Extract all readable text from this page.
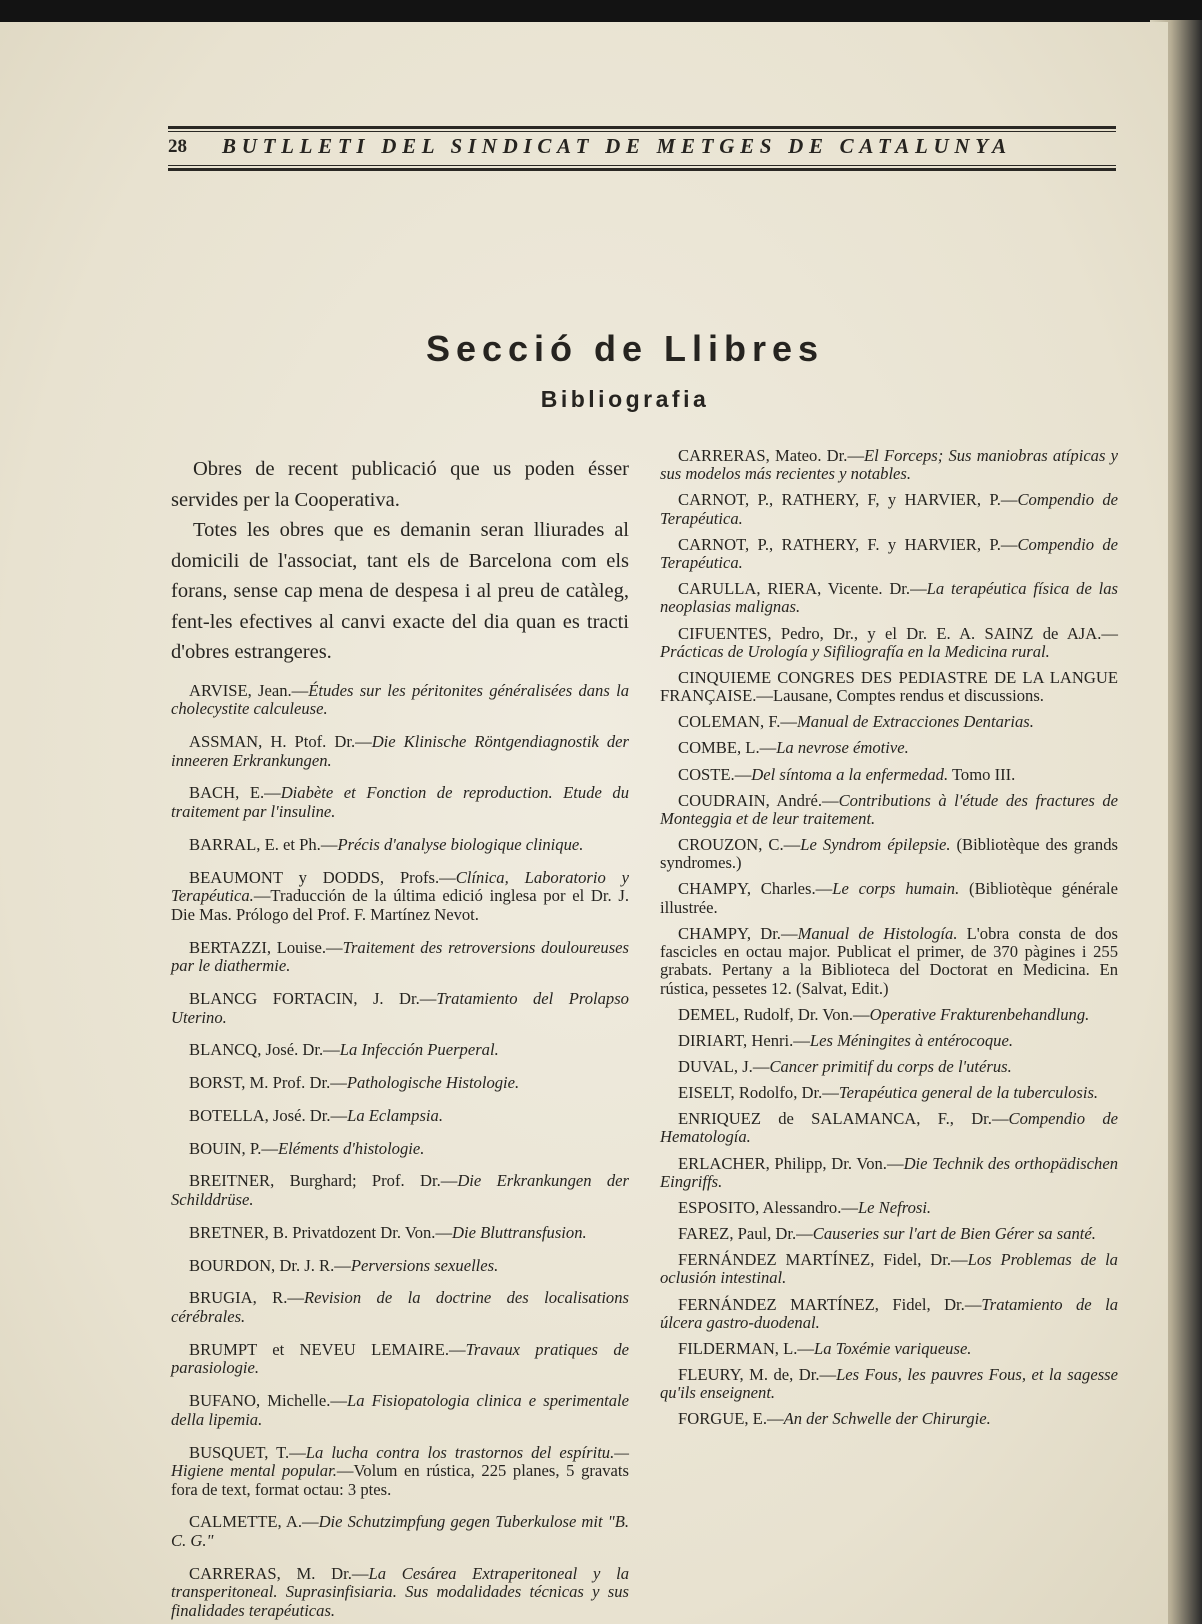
28 BUTLLETI DEL SINDICAT DE METGES DE CATALUNYA
Secció de Llibres
Bibliografia

Obres de recent publicació que us poden ésser servides per la Cooperativa.

Totes les obres que es demanin seran lliurades al domicili de l'associat, tant els de Barcelona com els forans, sense cap mena de despesa i al preu de catàleg, fent-les efectives al canvi exacte del dia quan es tracti d'obres estrangeres.

ARVISE, Jean. — Études sur les péritonites généralisées dans la cholecystite calculeuse.

ASSMAN, H. Ptof. Dr. — Die Klinische Röntgendiagnostik der inneeren Erkrankungen.

BACH, E. — Diabète et Fonction de reproduction. Etude du traitement par l'insuline.

BARRAL, E. et Ph. — Précis d'analyse biologique clinique.

BEAUMONT y DODDS, Profs. — Clínica, Laboratorio y Terapéutica.—Traducción de la última edició inglesa por el Dr. J. Die Mas. Prólogo del Prof. F. Martínez Nevot.

BERTAZZI, Louise. — Traitement des retroversions douloureuses par le diathermie.

BLANCG FORTACIN, J. Dr. — Tratamiento del Prolapso Uterino.

BLANCQ, José. Dr. — La Infección Puerperal.

BORST, M. Prof. Dr. — Pathologische Histologie.

BOTELLA, José. Dr. — La Eclampsia.

BOUIN, P. — Eléments d'histologie.

BREITNER, Burghard; Prof. Dr. — Die Erkrankungen der Schilddrüse.

BRETNER, B. Privatdozent Dr. Von. — Die Bluttransfusion.

BOURDON, Dr. J. R. — Perversions sexuelles.

BRUGIA, R. — Revision de la doctrine des localisations cérébrales.

BRUMPT et NEVEU LEMAIRE. — Travaux pratiques de parasiologie.

BUFANO, Michelle. — La Fisiopatologia clinica e sperimentale della lipemia.

BUSQUET, T. — La lucha contra los trastornos del espíritu.—Higiene mental popular.—Volum en rústica, 225 planes, 5 gravats fora de text, format octau: 3 ptes.

CALMETTE, A. — Die Schutzimpfung gegen Tuberkulose mit "B. C. G."

CARRERAS, M. Dr. — La Cesárea Extraperitoneal y la transperitoneal. Suprasinfisiaria. Sus modalidades técnicas y sus finalidades terapéuticas.

CARRERAS, Mateo. Dr. — El Forceps; Sus maniobras atípicas y sus modelos más recientes y notables.

CARNOT, P., RATHERY, F, y HARVIER, P. — Compendio de Terapéutica.

CARNOT, P., RATHERY, F. y HARVIER, P. — Compendio de Terapéutica.

CARULLA, RIERA, Vicente. Dr. — La terapéutica física de las neoplasias malignas.

CIFUENTES, Pedro, Dr., y el Dr. E. A. SAINZ de AJA.— Prácticas de Urología y Sifiliografía en la Medicina rural.

CINQUIEME CONGRES DES PEDIASTRE DE LA LANGUE FRANÇAISE.—Lausane, Comptes rendus et discussions.

COLEMAN, F. — Manual de Extracciones Dentarias.

COMBE, L. — La nevrose émotive.

COSTE. — Del síntoma a la enfermedad. Tomo III.

COUDRAIN, André. — Contributions à l'étude des fractures de Monteggia et de leur traitement.

CROUZON, C. — Le Syndrom épilepsie. (Bibliotèque des grands syndromes.)

CHAMPY, Charles. — Le corps humain. (Bibliotèque générale illustrée.

CHAMPY, Dr. — Manual de Histología. L'obra consta de dos fascicles en octau major. Publicat el primer, de 370 pàgines i 255 grabats. Pertany a la Biblioteca del Doctorat en Medicina. En rústica, pessetes 12. (Salvat, Edit.)

DEMEL, Rudolf, Dr. Von. — Operative Frakturenbehandlung.

DIRIART, Henri. — Les Méningites à entérocoque.

DUVAL, J. — Cancer primitif du corps de l'utérus.

EISELT, Rodolfo, Dr. — Terapéutica general de la tuberculosis.

ENRIQUEZ de SALAMANCA, F., Dr. — Compendio de Hematología.

ERLACHER, Philipp, Dr. Von. — Die Technik des orthopädischen Eingriffs.

ESPOSITO, Alessandro. — Le Nefrosi.

FAREZ, Paul, Dr. — Causeries sur l'art de Bien Gérer sa santé.

FERNÁNDEZ MARTÍNEZ, Fidel, Dr. — Los Problemas de la oclusión intestinal.

FERNÁNDEZ MARTÍNEZ, Fidel, Dr. — Tratamiento de la úlcera gastro-duodenal.

FILDERMAN, L. — La Toxémie variqueuse.

FLEURY, M. de, Dr. — Les Fous, les pauvres Fous, et la sagesse qu'ils enseignent.

FORGUE, E. — An der Schwelle der Chirurgie.
